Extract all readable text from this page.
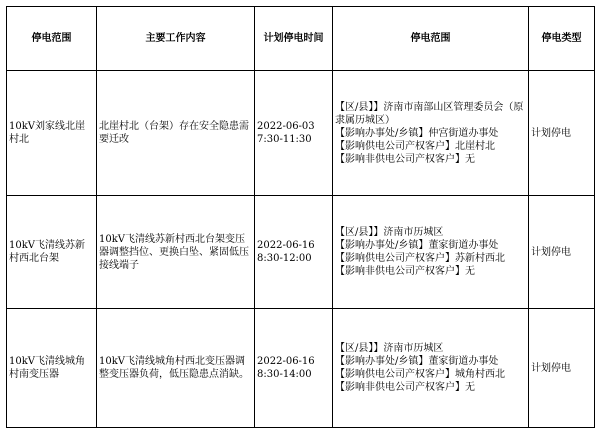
停电范围	主要工作内容	计划停电时间	停电范围	停电类型
10kV刘家线北崖村北	北崖村北（台架）存在安全隐患需要迁改	2022-06-03
7:30-11:30	【区/县】】济南市南部山区管理委员会（原隶属历城区）
【影响办事处/乡镇】仲宫街道办事处
【影响供电公司产权客户】北崖村北
【影响非供电公司产权客户】无	计划停电
10kV飞清线苏新村西北台架	10kV飞清线苏新村西北台架变压器调整挡位、更换白坠、紧固低压接线端子	2022-06-16
8:30-12:00	【区/县】】济南市历城区
【影响办事处/乡镇】董家街道办事处
【影响供电公司产权客户】苏新村西北
【影响非供电公司产权客户】无	计划停电
10kV飞清线城角村南变压器	10kV飞清线城角村西北变压器调整变压器负荷，低压隐患点消缺。	2022-06-16
8:30-14:00	【区/县】】济南市历城区
【影响办事处/乡镇】董家街道办事处
【影响供电公司产权客户】城角村西北
【影响非供电公司产权客户】无	计划停电
